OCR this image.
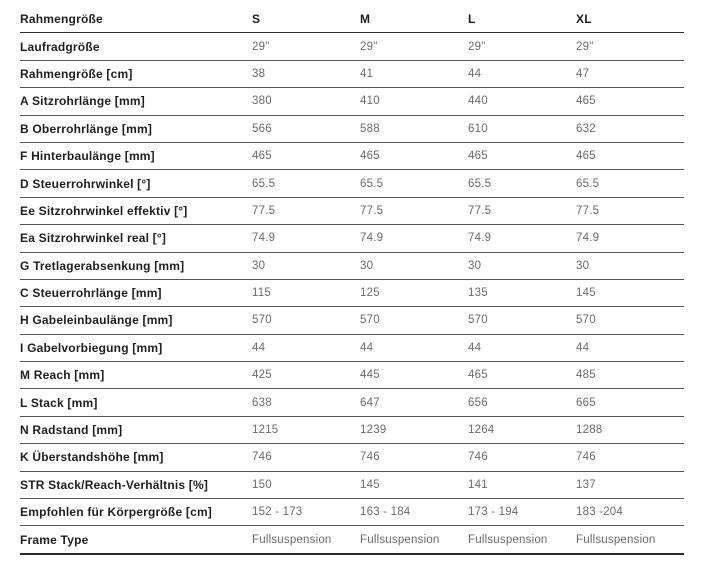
Rahmengröße	S	M	L	XL
Laufradgröße	29"	29"	29"	29"
Rahmengröße [cm]	38	41	44	47
A Sitzrohrlänge [mm]	380	410	440	465
B Oberrohrlänge [mm]	566	588	610	632
F Hinterbaulänge [mm]	465	465	465	465
D Steuerrohrwinkel [°]	65.5	65.5	65.5	65.5
Ee Sitzrohrwinkel effektiv [°]	77.5	77.5	77.5	77.5
Ea Sitzrohrwinkel real [°]	74.9	74.9	74.9	74.9
G Tretlagerabsenkung [mm]	30	30	30	30
C Steuerrohrlänge [mm]	115	125	135	145
H Gabeleinbaulänge [mm]	570	570	570	570
I Gabelvorbiegung [mm]	44	44	44	44
M Reach [mm]	425	445	465	485
L Stack [mm]	638	647	656	665
N Radstand [mm]	1215	1239	1264	1288
K Überstandshöhe [mm]	746	746	746	746
STR Stack/Reach-Verhältnis [%]	150	145	141	137
Empfohlen für Körpergröße [cm]	152 - 173	163 - 184	173 - 194	183 -204
Frame Type	Fullsuspension	Fullsuspension	Fullsuspension	Fullsuspension
